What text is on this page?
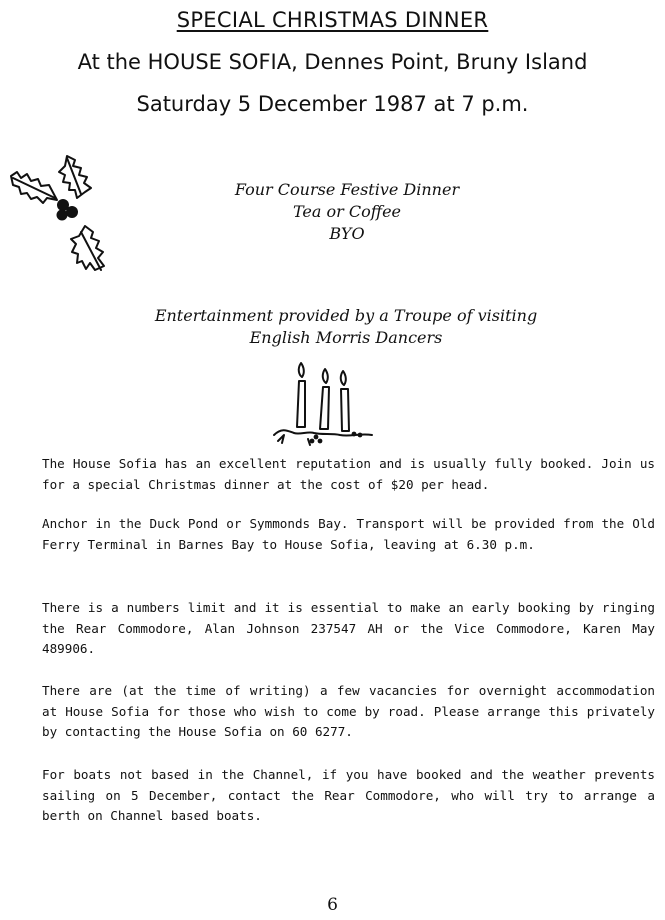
SPECIAL CHRISTMAS DINNER
At the HOUSE SOFIA, Dennes Point, Bruny Island
Saturday 5 December 1987 at 7 p.m.
Four Course Festive Dinner
Tea or Coffee
BYO
Entertainment provided by a Troupe of visiting
English Morris Dancers

The House Sofia has an excellent reputation and is usually fully booked. Join us for a special Christmas dinner at the cost of $20 per head.

Anchor in the Duck Pond or Symmonds Bay. Transport will be provided from the Old Ferry Terminal in Barnes Bay to House Sofia, leaving at 6.30 p.m.

There is a numbers limit and it is essential to make an early booking by ringing the Rear Commodore, Alan Johnson 237547 AH or the Vice Commodore, Karen May 489906.

There are (at the time of writing) a few vacancies for overnight accommodation at House Sofia for those who wish to come by road. Please arrange this privately by contacting the House Sofia on 60 6277.

For boats not based in the Channel, if you have booked and the weather prevents sailing on 5 December, contact the Rear Commodore, who will try to arrange a berth on Channel based boats.

6
